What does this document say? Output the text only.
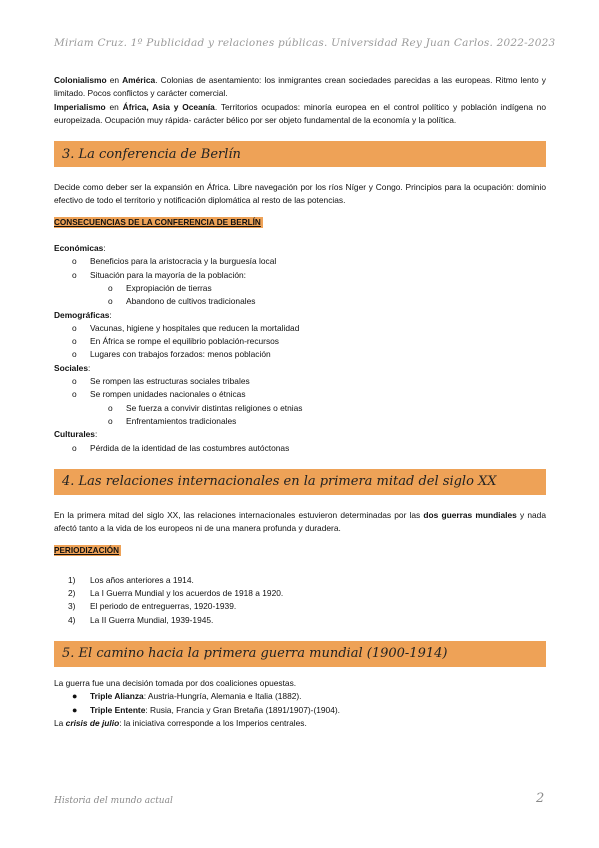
Miriam Cruz. 1º Publicidad y relaciones públicas. Universidad Rey Juan Carlos. 2022-2023

Colonialismo en América. Colonias de asentamiento: los inmigrantes crean sociedades parecidas a las europeas. Ritmo lento y limitado. Pocos conflictos y carácter comercial.

Imperialismo en África, Asia y Oceanía. Territorios ocupados: minoría europea en el control político y población indígena no europeizada. Ocupación muy rápida- carácter bélico por ser objeto fundamental de la economía y la política.

3. La conferencia de Berlín

Decide como deber ser la expansión en África. Libre navegación por los ríos Níger y Congo. Principios para la ocupación: dominio efectivo de todo el territorio y notificación diplomática al resto de las potencias.

CONSECUENCIAS DE LA CONFERENCIA DE BERLÍN
Económicas:
o Beneficios para la aristocracia y la burguesía local
o Situación para la mayoría de la población:
o Expropiación de tierras
o Abandono de cultivos tradicionales
Demográficas:
o Vacunas, higiene y hospitales que reducen la mortalidad
o En África se rompe el equilibrio población-recursos
o Lugares con trabajos forzados: menos población
Sociales:
o Se rompen las estructuras sociales tribales
o Se rompen unidades nacionales o étnicas
o Se fuerza a convivir distintas religiones o etnias
o Enfrentamientos tradicionales
Culturales:
o Pérdida de la identidad de las costumbres autóctonas
4. Las relaciones internacionales en la primera mitad del siglo XX

En la primera mitad del siglo XX, las relaciones internacionales estuvieron determinadas por las dos guerras mundiales y nada afectó tanto a la vida de los europeos ni de una manera profunda y duradera.

PERIODIZACIÓN
1) Los años anteriores a 1914.
2) La I Guerra Mundial y los acuerdos de 1918 a 1920.
3) El periodo de entreguerras, 1920-1939.
4) La II Guerra Mundial, 1939-1945.
5. El camino hacia la primera guerra mundial (1900-1914)

La guerra fue una decisión tomada por dos coaliciones opuestas.

● Triple Alianza: Austria-Hungría, Alemania e Italia (1882).
● Triple Entente: Rusia, Francia y Gran Bretaña (1891/1907)-(1904).

La crisis de julio: la iniciativa corresponde a los Imperios centrales.

Historia del mundo actual	2
